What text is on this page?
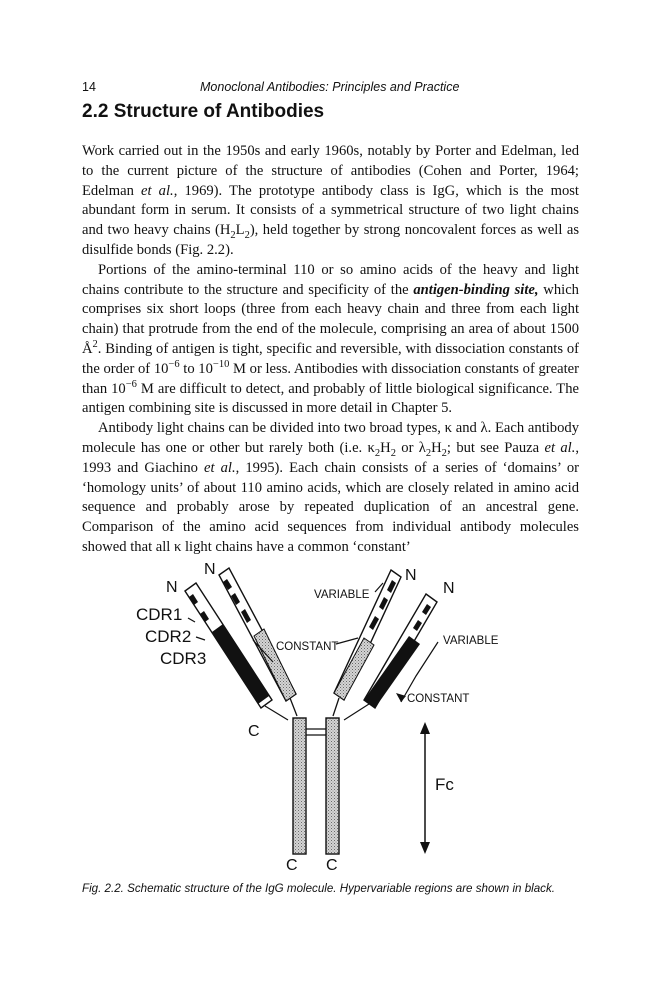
14	Monoclonal Antibodies: Principles and Practice
2.2 Structure of Antibodies

Work carried out in the 1950s and early 1960s, notably by Porter and Edelman, led to the current picture of the structure of antibodies (Cohen and Porter, 1964; Edelman et al., 1969). The prototype antibody class is IgG, which is the most abundant form in serum. It consists of a symmetrical structure of two light chains and two heavy chains $(H_2L_2)$, held together by strong noncovalent forces as well as disulfide bonds (Fig. 2.2).

Portions of the amino-terminal 110 or so amino acids of the heavy and light chains contribute to the structure and specificity of the antigen-binding site, which comprises six short loops (three from each heavy chain and three from each light chain) that protrude from the end of the molecule, comprising an area of about 1500 $Å^2$. Binding of antigen is tight, specific and reversible, with dissociation constants of the order of $10^{-6}$ to $10^{-10}$ M or less. Antibodies with dissociation constants of greater than $10^{-6}$ M are difficult to detect, and probably of little biological significance. The antigen combining site is discussed in more detail in Chapter 5.

Antibody light chains can be divided into two broad types, κ and λ. Each antibody molecule has one or other but rarely both (i.e. $\kappa_2H_2$ or $\lambda_2H_2$; but see Pauza et al., 1993 and Giachino et al., 1995). Each chain consists of a series of ‘domains’ or ‘homology units’ of about 110 amino acids, which are closely related in amino acid sequence and probably arose by repeated duplication of an ancestral gene. Comparison of the amino acid sequences from individual antibody molecules showed that all κ light chains have a common ‘constant’

N
N	N
N
CDR1
CDR2
CDR3
VARIABLE
CONSTANT	VARIABLE
CONSTANT
C
C C
Fc
Fig. 2.2. Schematic structure of the IgG molecule. Hypervariable regions are shown in black.
